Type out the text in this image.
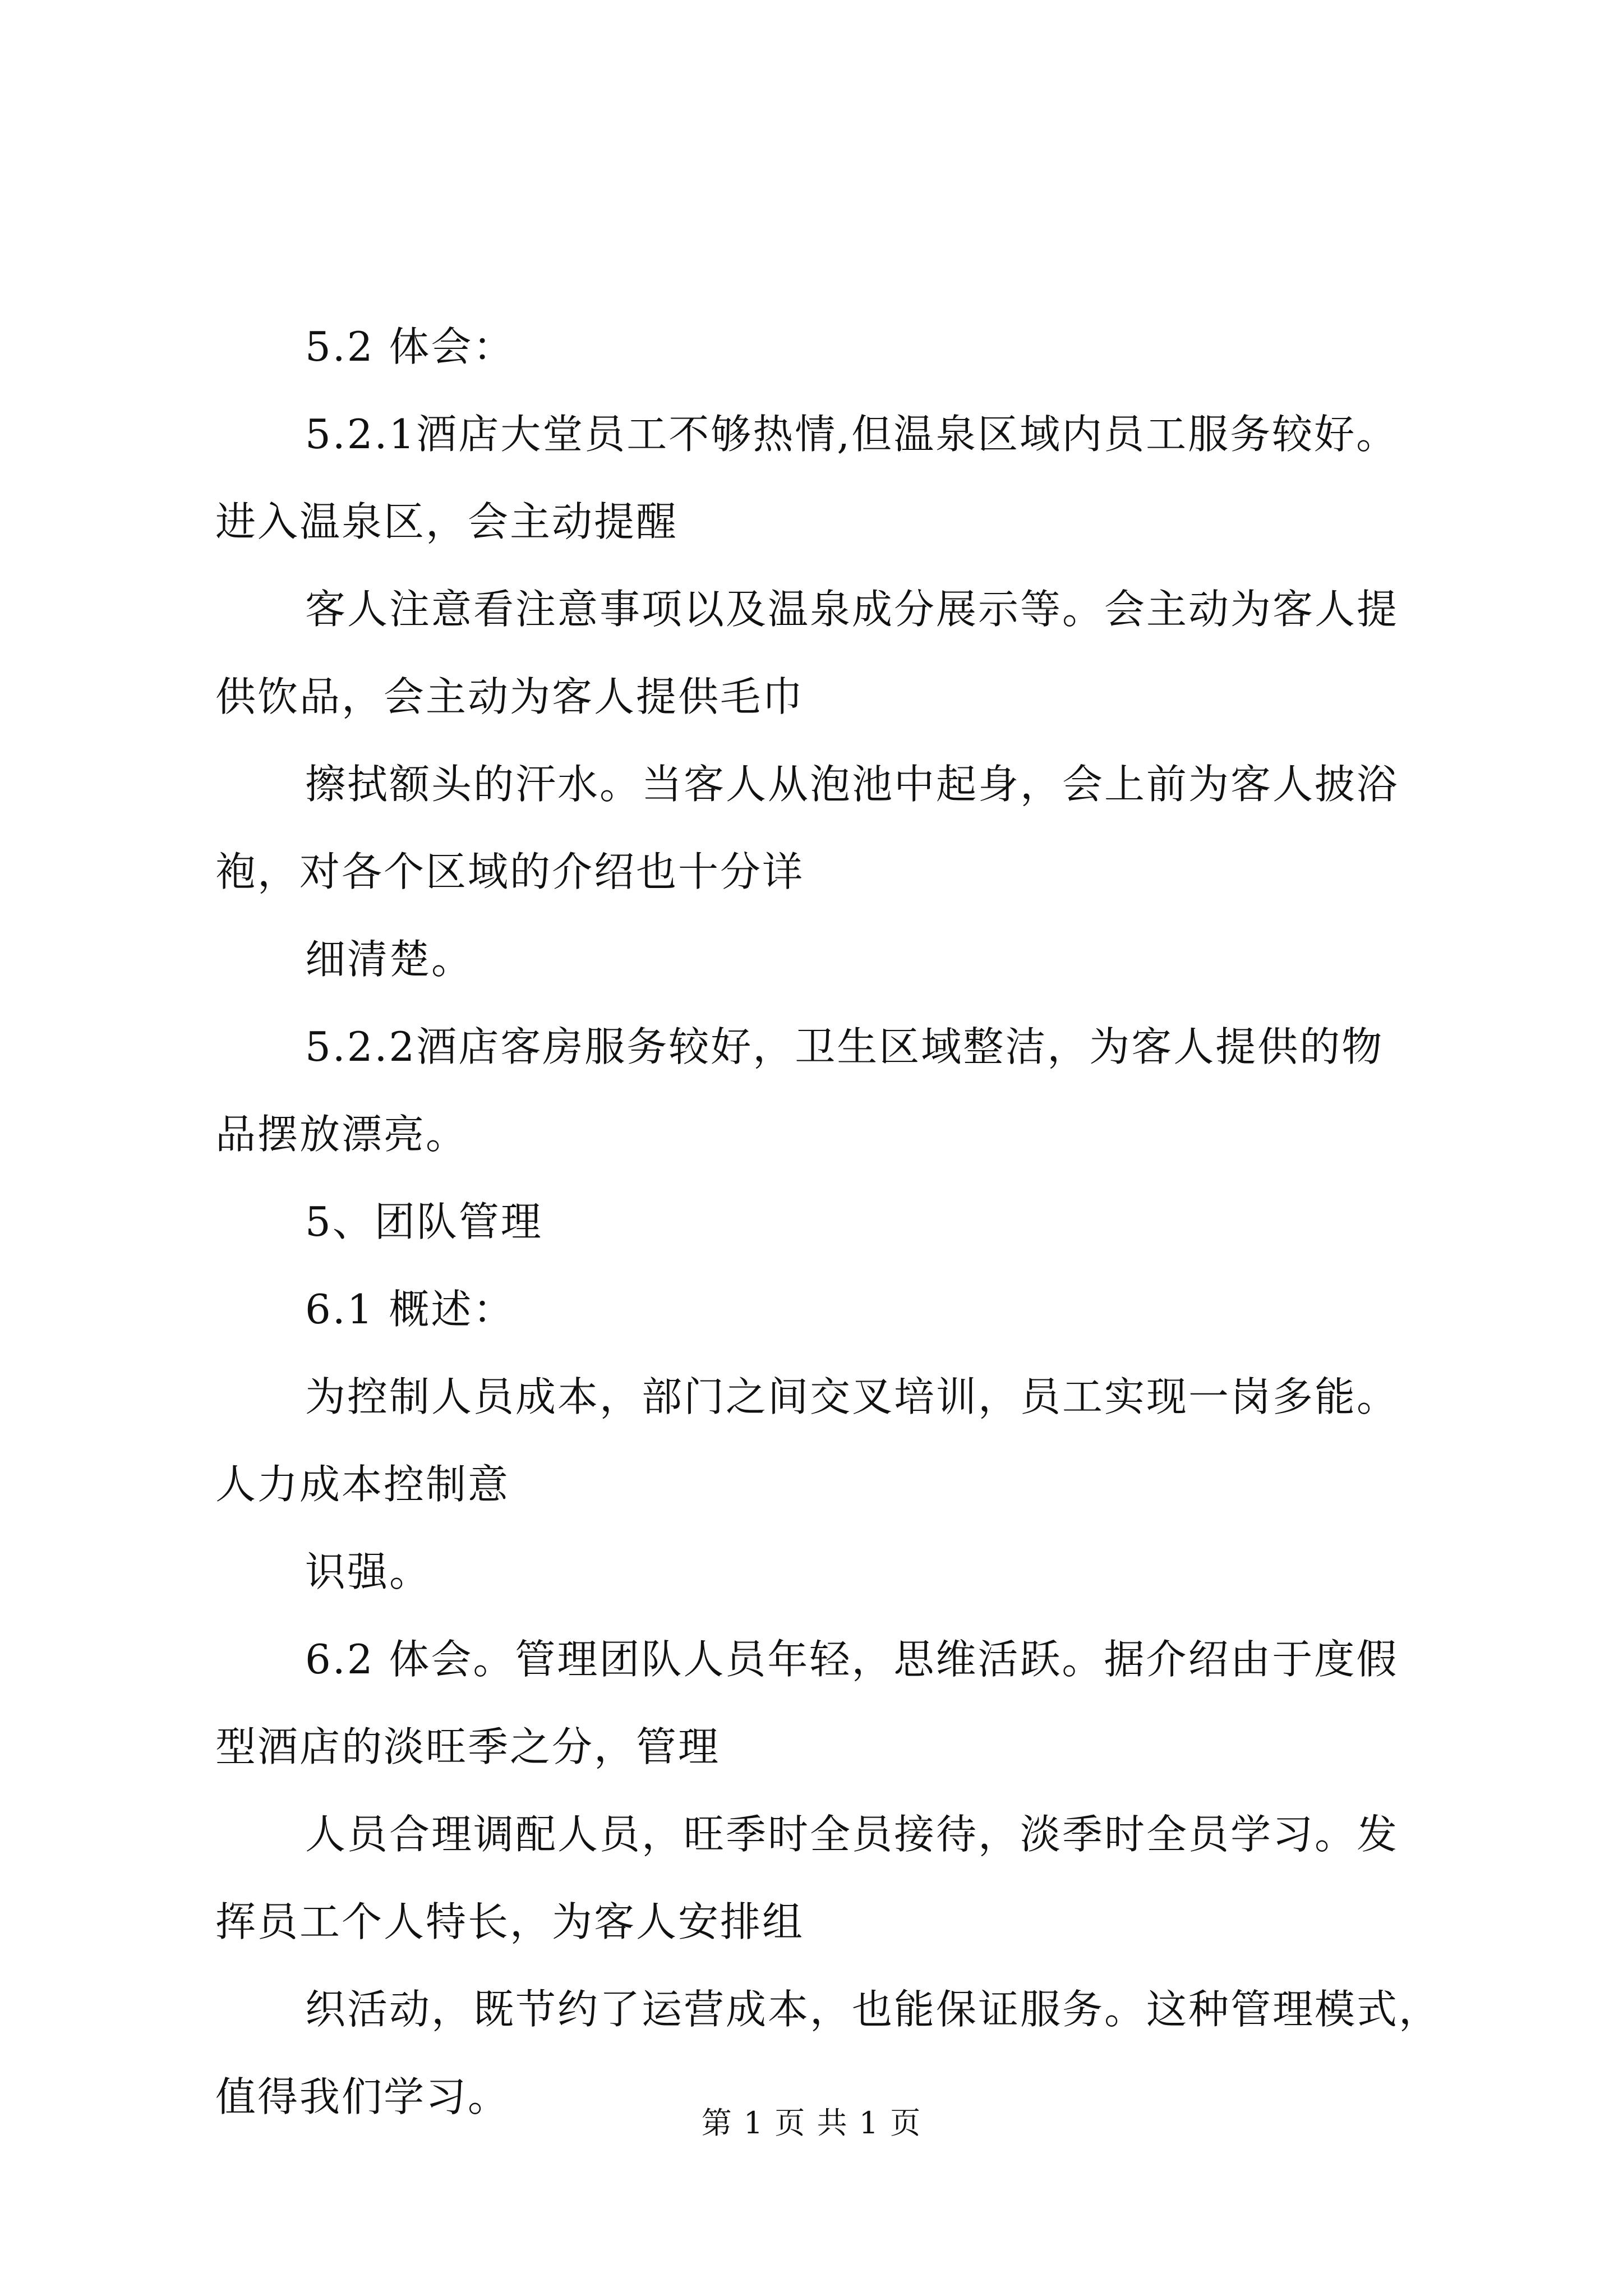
5.2 体会：

5.2.1酒店大堂员工不够热情,但温泉区域内员工服务较好。
进入温泉区，会主动提醒

客人注意看注意事项以及温泉成分展示等。会主动为客人提
供饮品，会主动为客人提供毛巾

擦拭额头的汗水。当客人从泡池中起身，会上前为客人披浴
袍，对各个区域的介绍也十分详

细清楚。

5.2.2酒店客房服务较好，卫生区域整洁，为客人提供的物
品摆放漂亮。

5、团队管理

6.1 概述：

为控制人员成本，部门之间交叉培训，员工实现一岗多能。
人力成本控制意

识强。

6.2 体会。管理团队人员年轻，思维活跃。据介绍由于度假
型酒店的淡旺季之分，管理

人员合理调配人员，旺季时全员接待，淡季时全员学习。发
挥员工个人特长，为客人安排组

织活动，既节约了运营成本，也能保证服务。这种管理模式，
值得我们学习。

第 1 页 共 1 页
